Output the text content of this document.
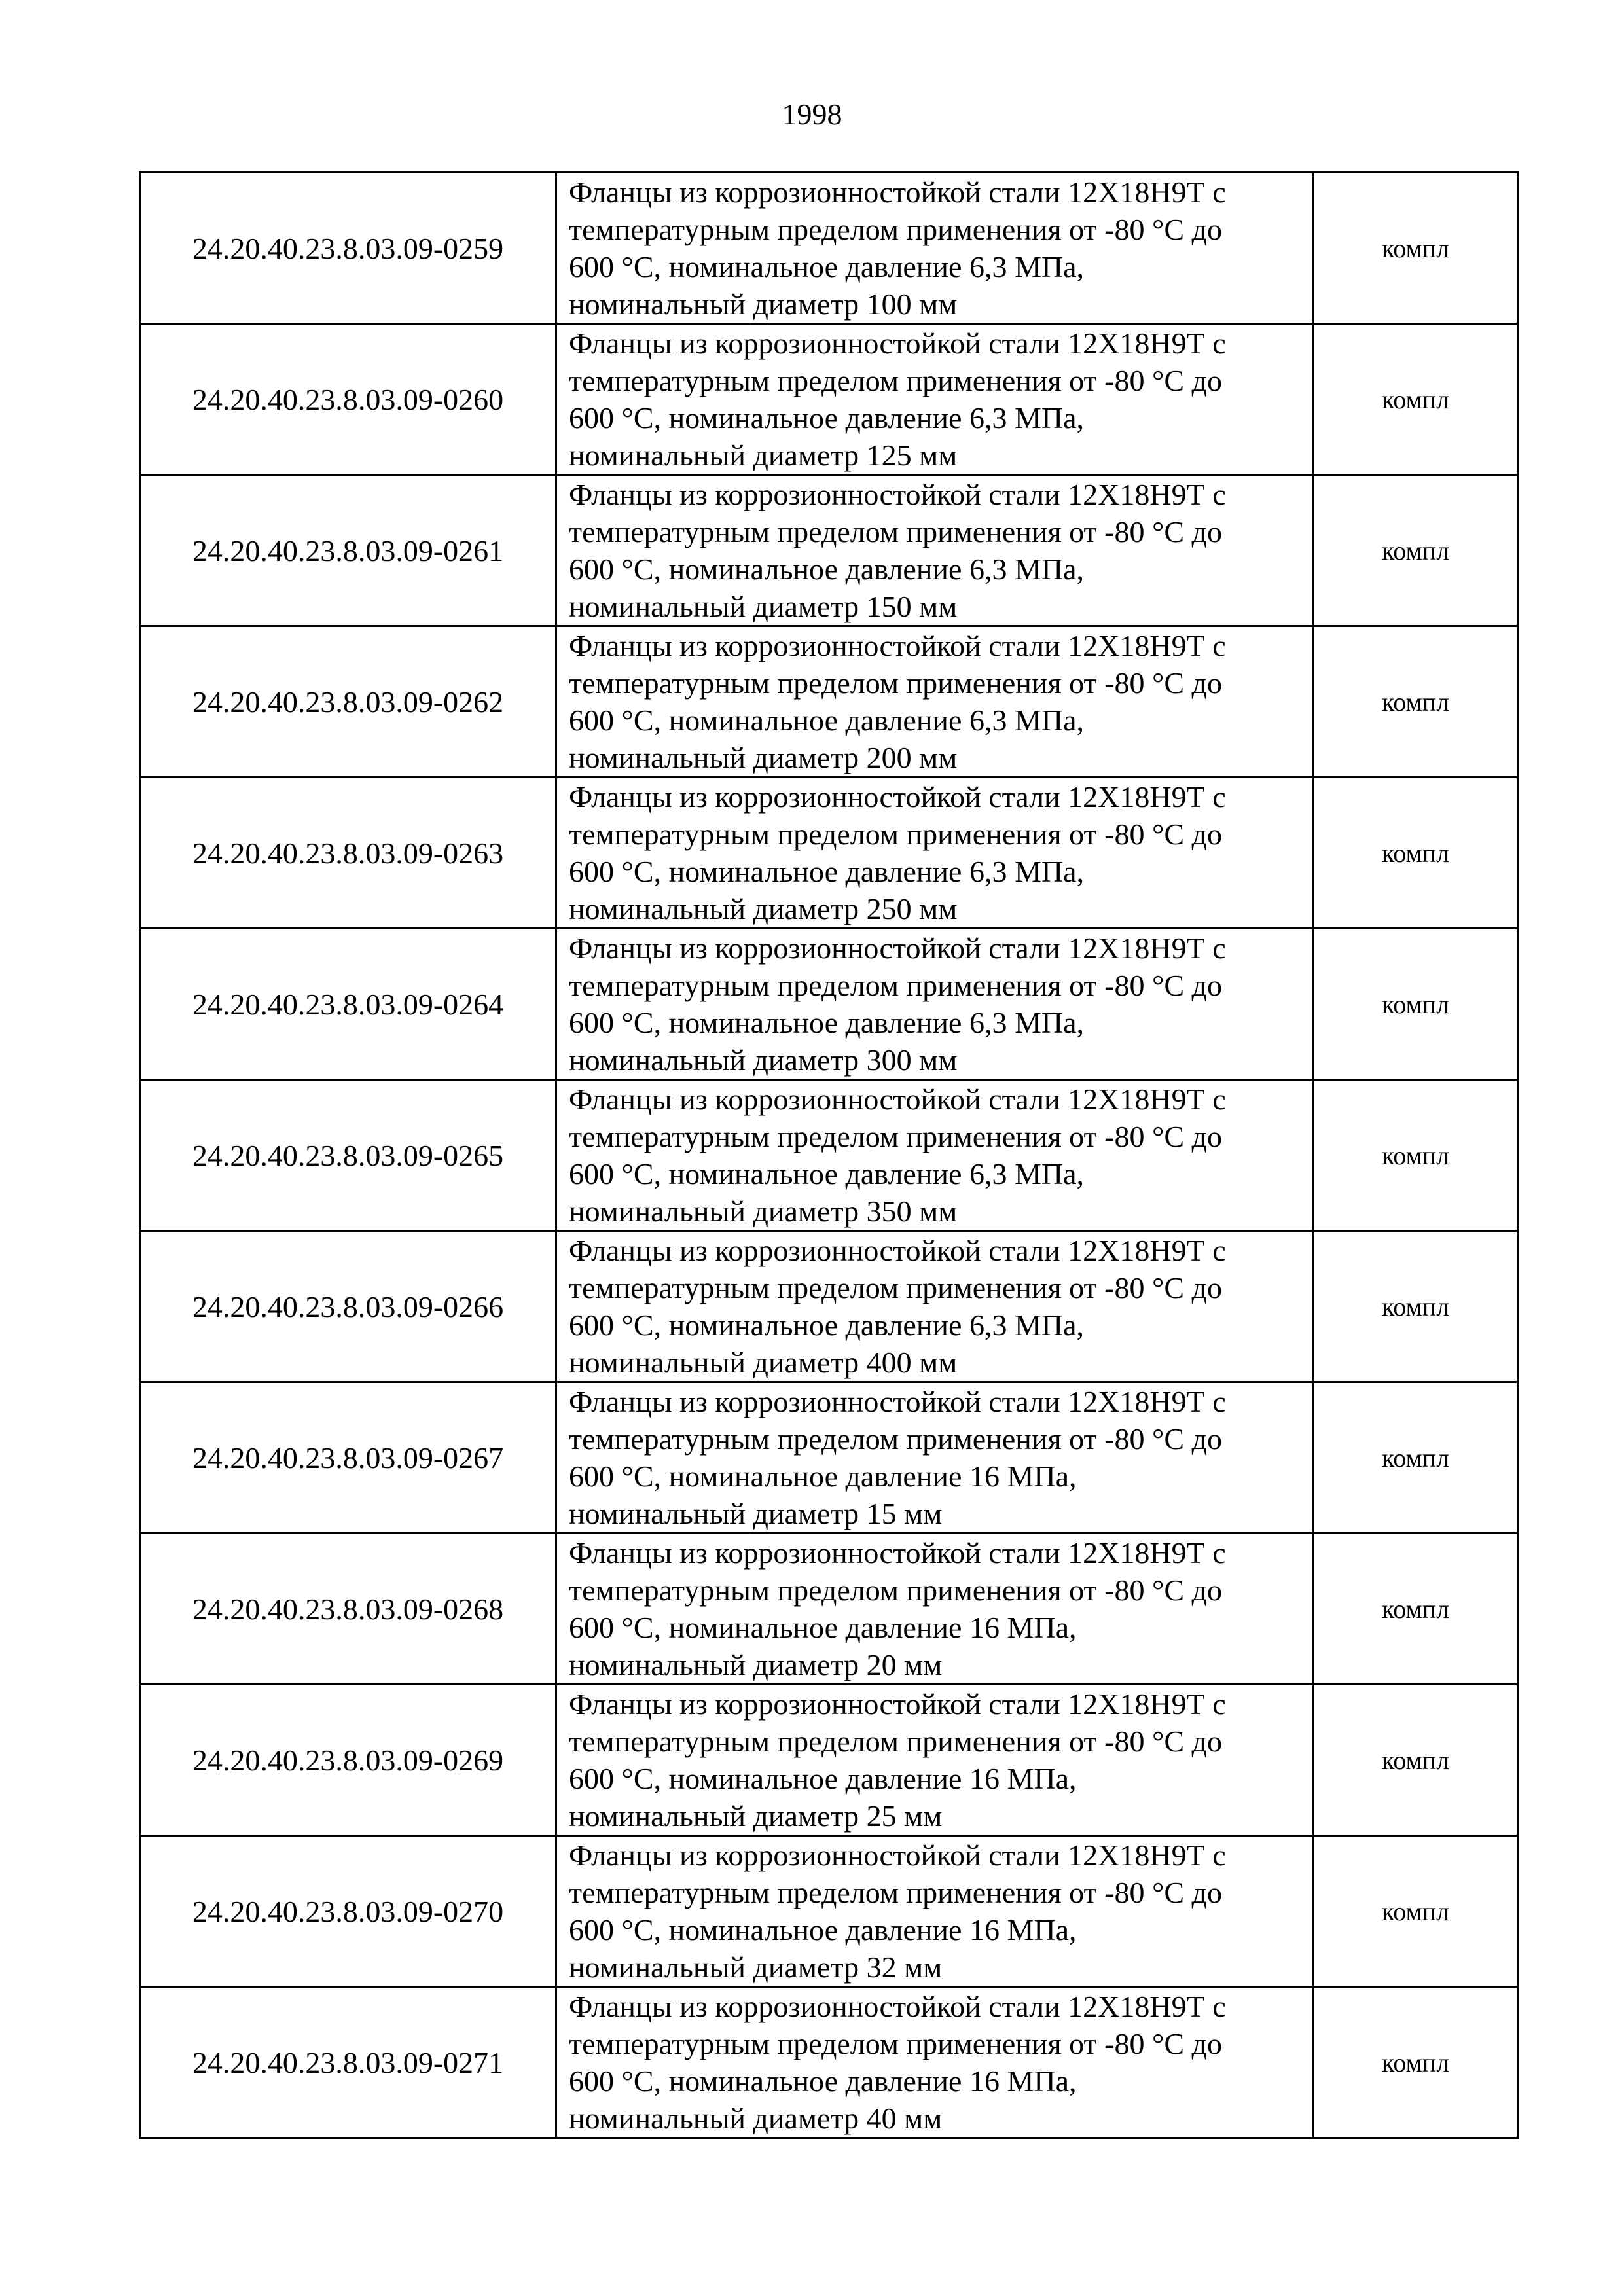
1998
24.20.40.23.8.03.09-0259	Фланцы из коррозионностойкой стали 12Х18Н9Т с
температурным пределом применения от -80 °С до
600 °С, номинальное давление 6,3 МПа,
номинальный диаметр 100 мм	компл
24.20.40.23.8.03.09-0260	Фланцы из коррозионностойкой стали 12Х18Н9Т с
температурным пределом применения от -80 °С до
600 °С, номинальное давление 6,3 МПа,
номинальный диаметр 125 мм	компл
24.20.40.23.8.03.09-0261	Фланцы из коррозионностойкой стали 12Х18Н9Т с
температурным пределом применения от -80 °С до
600 °С, номинальное давление 6,3 МПа,
номинальный диаметр 150 мм	компл
24.20.40.23.8.03.09-0262	Фланцы из коррозионностойкой стали 12Х18Н9Т с
температурным пределом применения от -80 °С до
600 °С, номинальное давление 6,3 МПа,
номинальный диаметр 200 мм	компл
24.20.40.23.8.03.09-0263	Фланцы из коррозионностойкой стали 12Х18Н9Т с
температурным пределом применения от -80 °С до
600 °С, номинальное давление 6,3 МПа,
номинальный диаметр 250 мм	компл
24.20.40.23.8.03.09-0264	Фланцы из коррозионностойкой стали 12Х18Н9Т с
температурным пределом применения от -80 °С до
600 °С, номинальное давление 6,3 МПа,
номинальный диаметр 300 мм	компл
24.20.40.23.8.03.09-0265	Фланцы из коррозионностойкой стали 12Х18Н9Т с
температурным пределом применения от -80 °С до
600 °С, номинальное давление 6,3 МПа,
номинальный диаметр 350 мм	компл
24.20.40.23.8.03.09-0266	Фланцы из коррозионностойкой стали 12Х18Н9Т с
температурным пределом применения от -80 °С до
600 °С, номинальное давление 6,3 МПа,
номинальный диаметр 400 мм	компл
24.20.40.23.8.03.09-0267	Фланцы из коррозионностойкой стали 12Х18Н9Т с
температурным пределом применения от -80 °С до
600 °С, номинальное давление 16 МПа,
номинальный диаметр 15 мм	компл
24.20.40.23.8.03.09-0268	Фланцы из коррозионностойкой стали 12Х18Н9Т с
температурным пределом применения от -80 °С до
600 °С, номинальное давление 16 МПа,
номинальный диаметр 20 мм	компл
24.20.40.23.8.03.09-0269	Фланцы из коррозионностойкой стали 12Х18Н9Т с
температурным пределом применения от -80 °С до
600 °С, номинальное давление 16 МПа,
номинальный диаметр 25 мм	компл
24.20.40.23.8.03.09-0270	Фланцы из коррозионностойкой стали 12Х18Н9Т с
температурным пределом применения от -80 °С до
600 °С, номинальное давление 16 МПа,
номинальный диаметр 32 мм	компл
24.20.40.23.8.03.09-0271	Фланцы из коррозионностойкой стали 12Х18Н9Т с
температурным пределом применения от -80 °С до
600 °С, номинальное давление 16 МПа,
номинальный диаметр 40 мм	компл
